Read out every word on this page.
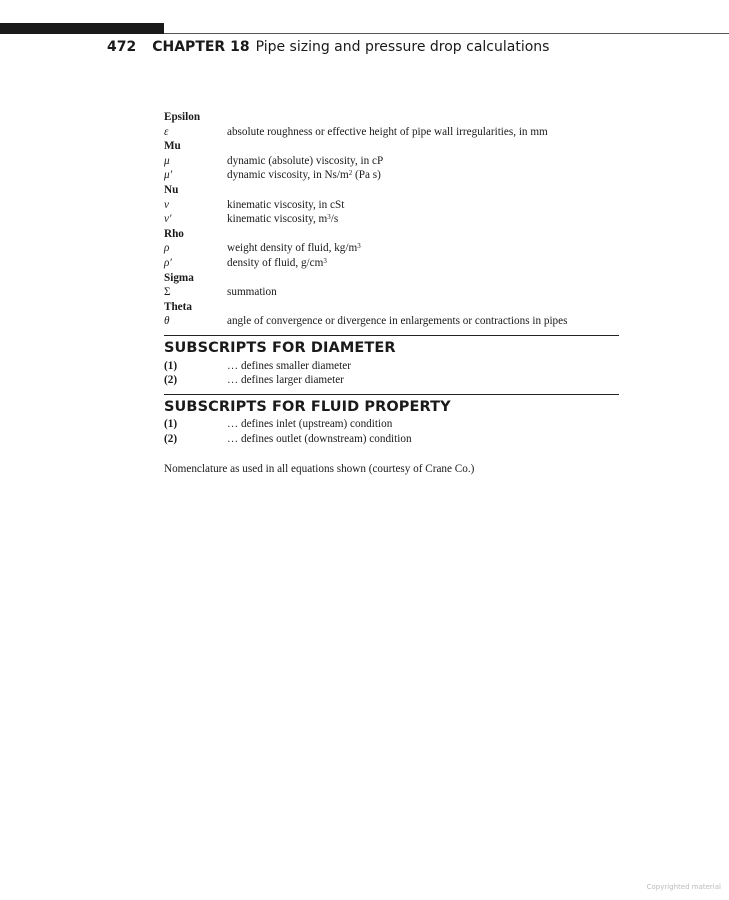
472 CHAPTER 18 Pipe sizing and pressure drop calculations
Epsilon
ε	absolute roughness or effective height of pipe wall irregularities, in mm
Mu
μ	dynamic (absolute) viscosity, in cP
μ′	dynamic viscosity, in $Ns/m^2$ (Pa s)
Nu
ν	kinematic viscosity, in cSt
ν′	kinematic viscosity, $m^3/s$
Rho
ρ	weight density of fluid, $kg/m^3$
ρ′	density of fluid, $g/cm^3$
Sigma
Σ	summation
Theta
θ	angle of convergence or divergence in enlargements or contractions in pipes
SUBSCRIPTS FOR DIAMETER
(1)	… defines smaller diameter
(2)	… defines larger diameter
SUBSCRIPTS FOR FLUID PROPERTY
(1)	… defines inlet (upstream) condition
(2)	… defines outlet (downstream) condition
Nomenclature as used in all equations shown (courtesy of Crane Co.)
Copyrighted material
